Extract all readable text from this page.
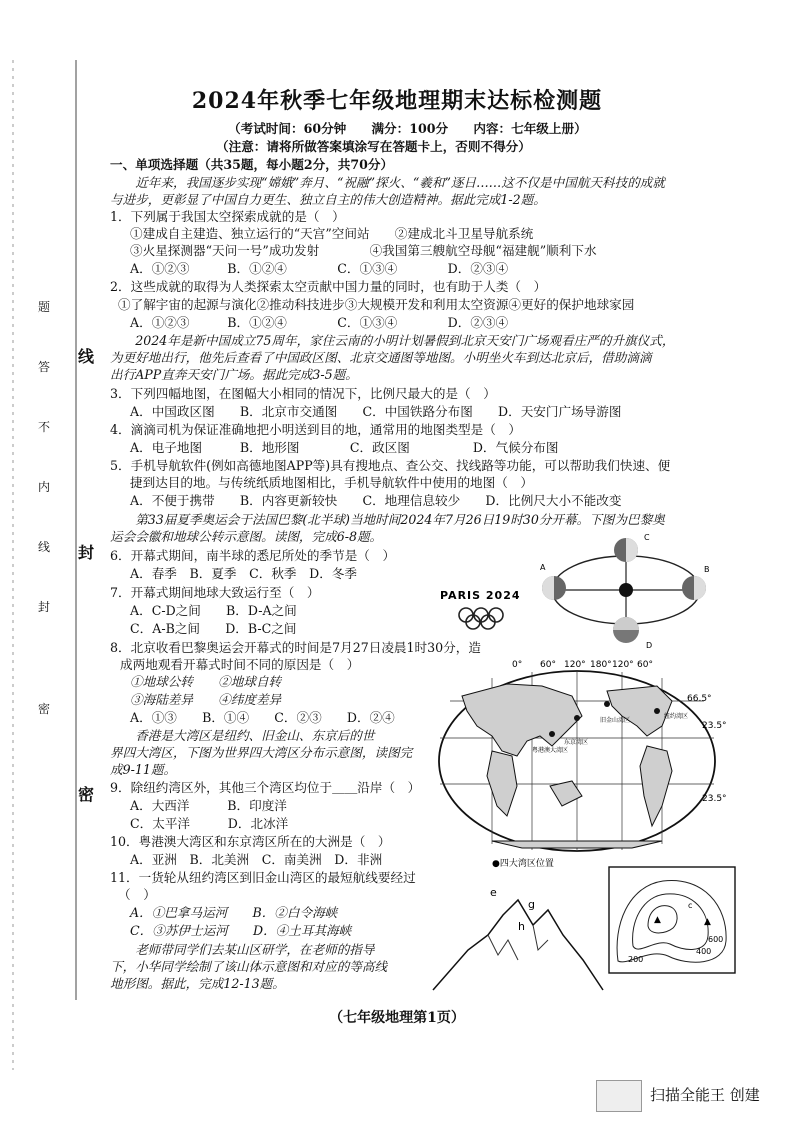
题
答
不
内
线
封
密
线
封
密
2024年秋季七年级地理期末达标检测题
（考试时间：60分钟　　满分：100分　　内容：七年级上册）
（注意：请将所做答案填涂写在答题卡上，否则不得分）
一、单项选择题（共35题，每小题2分，共70分）
　　近年来，我国逐步实现“嫦娥”奔月、“祝融”探火、“羲和”逐日……这不仅是中国航天科技的成就
与进步，更彰显了中国自力更生、独立自主的伟大创造精神。据此完成1-2题。
1．下列属于我国太空探索成就的是（　）
①建成自主建造、独立运行的“天宫”空间站　　②建成北斗卫星导航系统
③火星探测器“天问一号”成功发射　　　　④我国第三艘航空母舰“福建舰”顺利下水
A．①②③　　　B．①②④　　　　C．①③④　　　　D．②③④
2．这些成就的取得为人类探索太空贡献中国力量的同时，也有助于人类（　）
①了解宇宙的起源与演化②推动科技进步③大规模开发和利用太空资源④更好的保护地球家园
A．①②③　　　B．①②④　　　　C．①③④　　　　D．②③④
　　2024年是新中国成立75周年，家住云南的小明计划暑假到北京天安门广场观看庄严的升旗仪式，
为更好地出行，他先后查看了中国政区图、北京交通图等地图。小明坐火车到达北京后，借助滴滴
出行APP直奔天安门广场。据此完成3-5题。
3．下列四幅地图，在图幅大小相同的情况下，比例尺最大的是（　）
A．中国政区图　　B．北京市交通图　　C．中国铁路分布图　　D．天安门广场导游图
4．滴滴司机为保证准确地把小明送到目的地，通常用的地图类型是（　）
A．电子地图　　　B．地形图　　　　C．政区图　　　　　D．气候分布图
5．手机导航软件(例如高德地图APP等)具有搜地点、查公交、找线路等功能，可以帮助我们快速、便
捷到达目的地。与传统纸质地图相比，手机导航软件中使用的地图（　）
A．不便于携带　　B．内容更新较快　　C．地理信息较少　　D．比例尺大小不能改变
　　第33届夏季奥运会于法国巴黎(北半球)当地时间2024年7月26日19时30分开幕。下图为巴黎奥
运会会徽和地球公转示意图。读图，完成6-8题。
6．开幕式期间，南半球的悉尼所处的季节是（　）
A．春季　B．夏季　C．秋季　D．冬季
7．开幕式期间地球大致运行至（　）
A．C-D之间　　B．D-A之间
C．A-B之间　　D．B-C之间
8．北京收看巴黎奥运会开幕式的时间是7月27日凌晨1时30分，造
成两地观看开幕式时间不同的原因是（　）
①地球公转　　②地球自转
③海陆差异　　④纬度差异
A．①③　　B．①④　　C．②③　　D．②④
　　香港是大湾区是纽约、旧金山、东京后的世
界四大湾区，下图为世界四大湾区分布示意图，读图完
成9-11题。
9．除纽约湾区外，其他三个湾区均位于＿＿沿岸（　）
A．大西洋　　　B．印度洋
C．太平洋　　　D．北冰洋
10．粤港澳大湾区和东京湾区所在的大洲是（　）
A．亚洲　B．北美洲　C．南美洲　D．非洲
11．一货轮从纽约湾区到旧金山湾区的最短航线要经过
（　）
A．①巴拿马运河　　B．②白令海峡
C．③苏伊士运河　　D．④土耳其海峡
　　老师带同学们去某山区研学，在老师的指导
下，小华同学绘制了该山体示意图和对应的等高线
地形图。据此，完成12-13题。
PARIS 2024
C
A	B
D
0° 60° 120° 180° 120° 60°
东京湾区
旧金山湾区
粤港澳大湾区
纽约湾区
66.5°
23.5°
23.5°
●四大湾区位置
e
g
h
200
400
600
c
▲	▲
（七年级地理第1页）
扫描全能王 创建
